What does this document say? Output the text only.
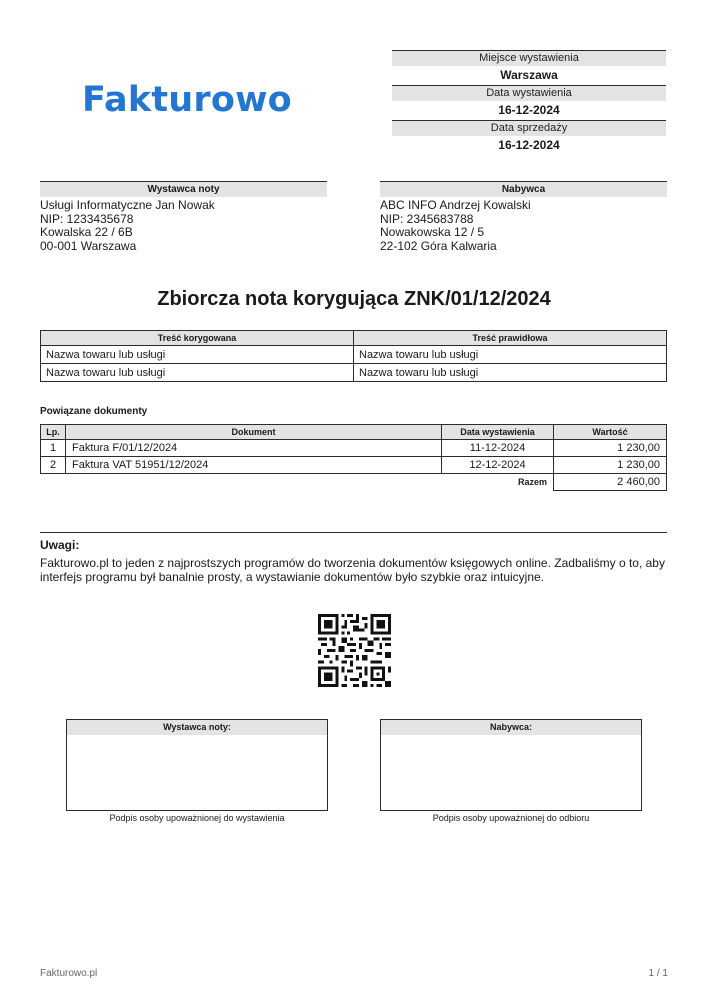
Fakturowo
Miejsce wystawienia
Warszawa
Data wystawienia
16-12-2024
Data sprzedaży
16-12-2024
Wystawca noty
Usługi Informatyczne Jan Nowak
NIP: 1233435678
Kowalska 22 / 6B
00-001 Warszawa
Nabywca
ABC INFO Andrzej Kowalski
NIP: 2345683788
Nowakowska 12 / 5
22-102 Góra Kalwaria
Zbiorcza nota korygująca ZNK/01/12/2024
Treść korygowana	Treść prawidłowa
Nazwa towaru lub usługi	Nazwa towaru lub usługi
Nazwa towaru lub usługi	Nazwa towaru lub usługi
Powiązane dokumenty
Lp.	Dokument	Data wystawienia	Wartość
1	Faktura F/01/12/2024	11-12-2024	1 230,00
2	Faktura VAT 51951/12/2024	12-12-2024	1 230,00
Razem			2 460,00
Uwagi:
Fakturowo.pl to jeden z najprostszych programów do tworzenia dokumentów księgowych online. Zadbaliśmy o to, aby interfejs programu był banalnie prosty, a wystawianie dokumentów było szybkie oraz intuicyjne.
Wystawca noty:
Podpis osoby upoważnionej do wystawienia
Nabywca:
Podpis osoby upoważnionej do odbioru
Fakturowo.pl	1 / 1
